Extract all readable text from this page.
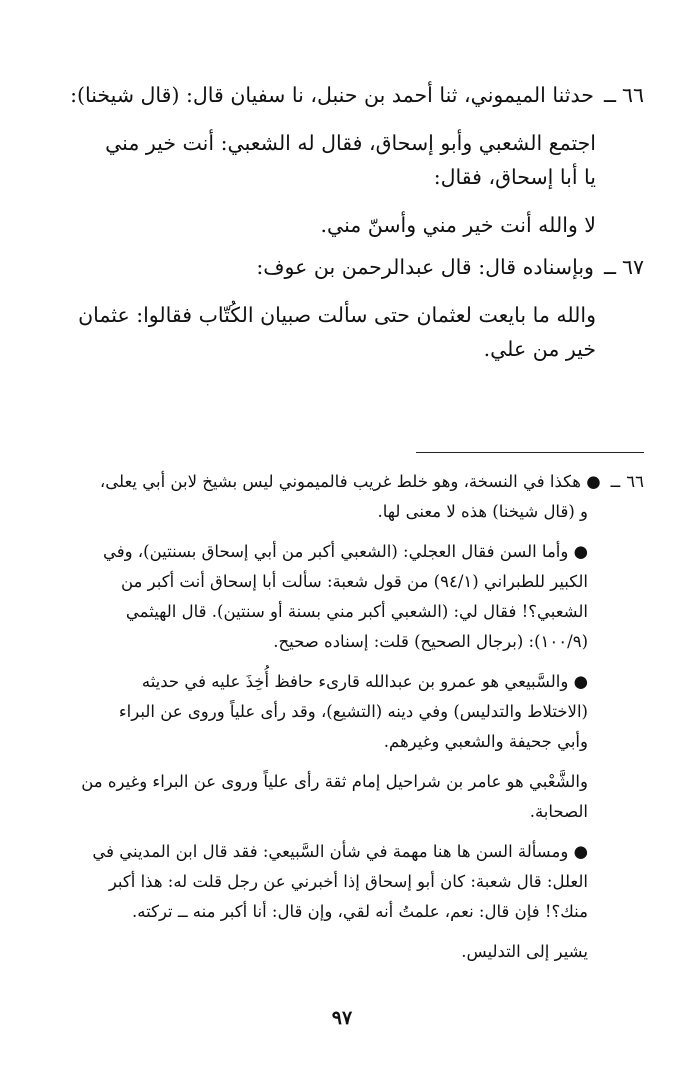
٦٦ــحدثنا الميموني، ثنا أحمد بن حنبل، نا سفيان قال: (قال شيخنا):
اجتمع الشعبي وأبو إسحاق، فقال له الشعبي: أنت خير مني
يا أبا إسحاق، فقال:
لا والله أنت خير مني وأسنّ مني.
٦٧ــوبإسناده قال: قال عبدالرحمن بن عوف:
والله ما بايعت لعثمان حتى سألت صبيان الكُتّاب فقالوا: عثمان
خير من علي.
٦٦ــ● هكذا في النسخة، وهو خلط غريب فالميموني ليس بشيخ لابن أبي يعلى،
و (قال شيخنا) هذه لا معنى لها.
● وأما السن فقال العجلي: (الشعبي أكبر من أبي إسحاق بسنتين)، وفي
الكبير للطبراني (٩٤/١) من قول شعبة: سألت أبا إسحاق أنت أكبر من
الشعبي؟! فقال لي: (الشعبي أكبر مني بسنة أو سنتين). قال الهيثمي
(١٠٠/٩): (برجال الصحيح) قلت: إسناده صحيح.
● والسَّبيعي هو عمرو بن عبدالله قارىء حافظ أُخِذَ عليه في حديثه
(الاختلاط والتدليس) وفي دينه (التشيع)، وقد رأى علياً وروى عن البراء
وأبي جحيفة والشعبي وغيرهم.
والشَّعْبي هو عامر بن شراحيل إمام ثقة رأى علياً وروى عن البراء وغيره من
الصحابة.
● ومسألة السن ها هنا مهمة في شأن السَّبيعي: فقد قال ابن المديني في
العلل: قال شعبة: كان أبو إسحاق إذا أخبرني عن رجل قلت له: هذا أكبر
منك؟! فإن قال: نعم، علمتُ أنه لقي، وإن قال: أنا أكبر منه ــ تركته.
يشير إلى التدليس.
٩٧
